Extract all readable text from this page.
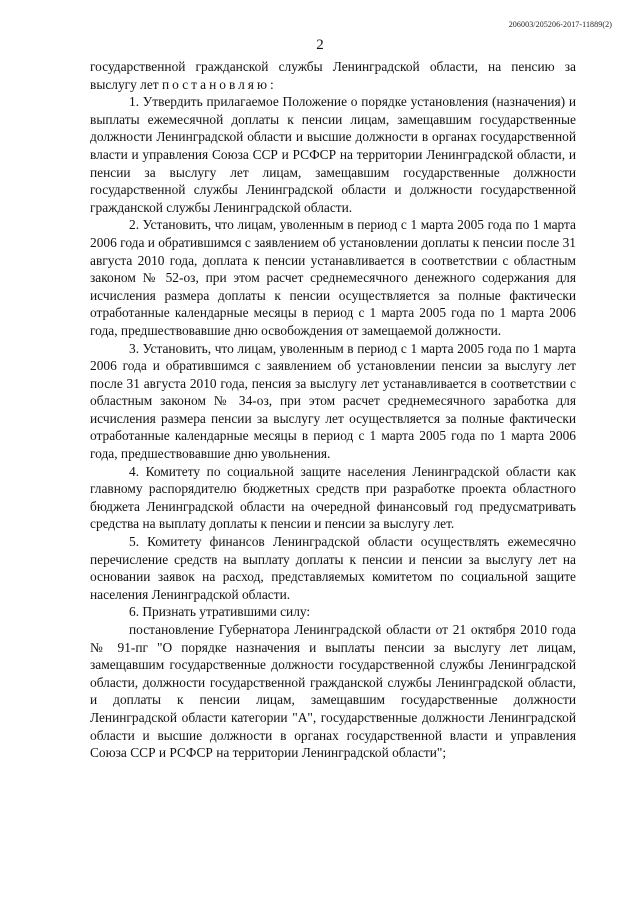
206003/205206-2017-11889(2)
2

государственной гражданской службы Ленинградской области, на пенсию за выслугу лет постановляю:

1. Утвердить прилагаемое Положение о порядке установления (назначения) и выплаты ежемесячной доплаты к пенсии лицам, замещавшим государственные должности Ленинградской области и высшие должности в органах государственной власти и управления Союза ССР и РСФСР на территории Ленинградской области, и пенсии за выслугу лет лицам, замещавшим государственные должности государственной службы Ленинградской области и должности государственной гражданской службы Ленинградской области.

2. Установить, что лицам, уволенным в период с 1 марта 2005 года по 1 марта 2006 года и обратившимся с заявлением об установлении доплаты к пенсии после 31 августа 2010 года, доплата к пенсии устанавливается в соответствии с областным законом № 52-оз, при этом расчет среднемесячного денежного содержания для исчисления размера доплаты к пенсии осуществляется за полные фактически отработанные календарные месяцы в период с 1 марта 2005 года по 1 марта 2006 года, предшествовавшие дню освобождения от замещаемой должности.

3. Установить, что лицам, уволенным в период с 1 марта 2005 года по 1 марта 2006 года и обратившимся с заявлением об установлении пенсии за выслугу лет после 31 августа 2010 года, пенсия за выслугу лет устанавливается в соответствии с областным законом № 34-оз, при этом расчет среднемесячного заработка для исчисления размера пенсии за выслугу лет осуществляется за полные фактически отработанные календарные месяцы в период с 1 марта 2005 года по 1 марта 2006 года, предшествовавшие дню увольнения.

4. Комитету по социальной защите населения Ленинградской области как главному распорядителю бюджетных средств при разработке проекта областного бюджета Ленинградской области на очередной финансовый год предусматривать средства на выплату доплаты к пенсии и пенсии за выслугу лет.

5. Комитету финансов Ленинградской области осуществлять ежемесячно перечисление средств на выплату доплаты к пенсии и пенсии за выслугу лет на основании заявок на расход, представляемых комитетом по социальной защите населения Ленинградской области.

6. Признать утратившими силу:

постановление Губернатора Ленинградской области от 21 октября 2010 года № 91-пг "О порядке назначения и выплаты пенсии за выслугу лет лицам, замещавшим государственные должности государственной службы Ленинградской области, должности государственной гражданской службы Ленинградской области, и доплаты к пенсии лицам, замещавшим государственные должности Ленинградской области категории "А", государственные должности Ленинградской области и высшие должности в органах государственной власти и управления Союза ССР и РСФСР на территории Ленинградской области";
